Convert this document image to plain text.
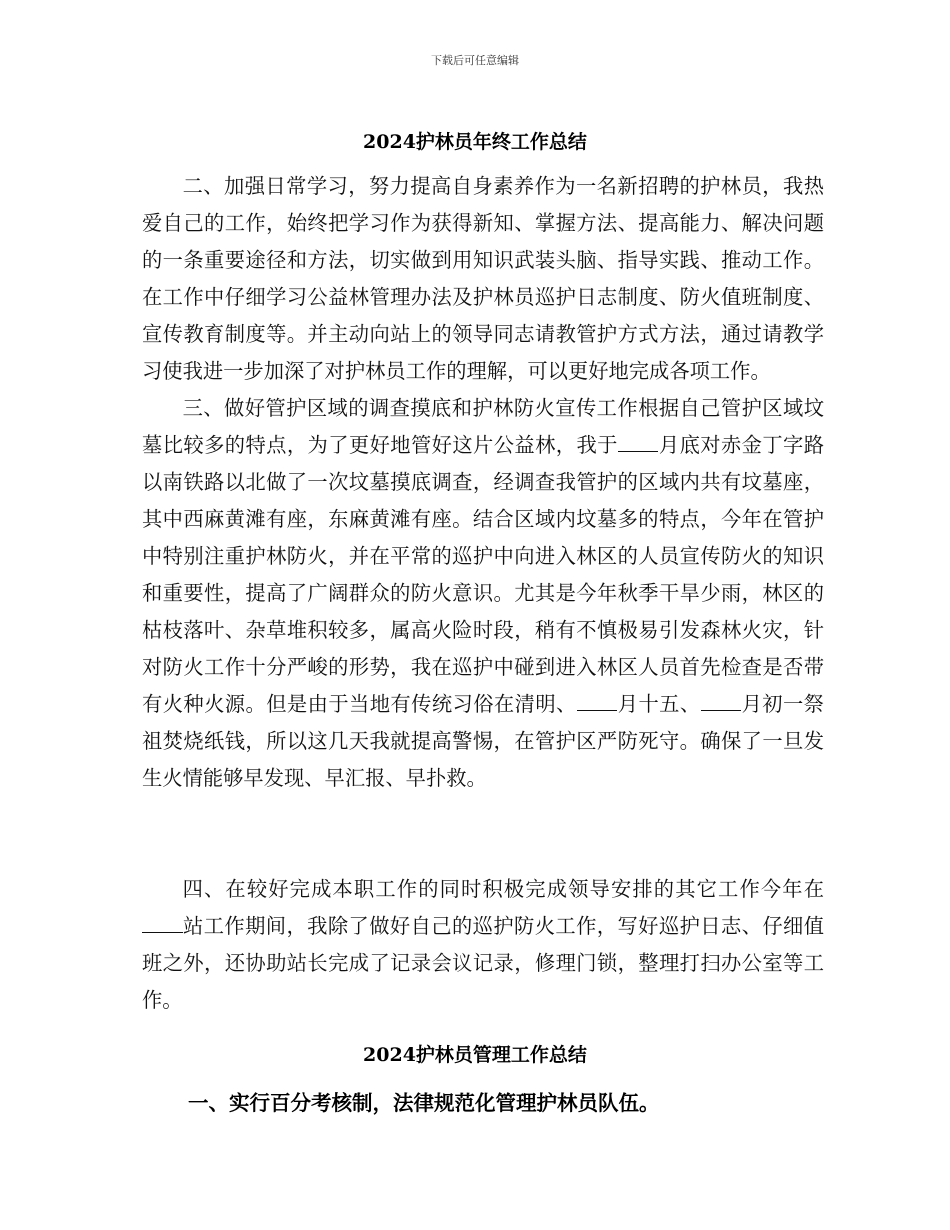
下载后可任意编辑
2024护林员年终工作总结

二、加强日常学习，努力提高自身素养作为一名新招聘的护林员，我热爱自己的工作，始终把学习作为获得新知、掌握方法、提高能力、解决问题的一条重要途径和方法，切实做到用知识武装头脑、指导实践、推动工作。在工作中仔细学习公益林管理办法及护林员巡护日志制度、防火值班制度、宣传教育制度等。并主动向站上的领导同志请教管护方式方法，通过请教学习使我进一步加深了对护林员工作的理解，可以更好地完成各项工作。

三、做好管护区域的调查摸底和护林防火宣传工作根据自己管护区域坟墓比较多的特点，为了更好地管好这片公益林，我于 月底对赤金丁字路以南铁路以北做了一次坟墓摸底调查，经调查我管护的区域内共有坟墓座，其中西麻黄滩有座，东麻黄滩有座。结合区域内坟墓多的特点，今年在管护中特别注重护林防火，并在平常的巡护中向进入林区的人员宣传防火的知识和重要性，提高了广阔群众的防火意识。尤其是今年秋季干旱少雨，林区的枯枝落叶、杂草堆积较多，属高火险时段，稍有不慎极易引发森林火灾，针对防火工作十分严峻的形势，我在巡护中碰到进入林区人员首先检查是否带有火种火源。但是由于当地有传统习俗在清明、 月十五、 月初一祭祖焚烧纸钱，所以这几天我就提高警惕，在管护区严防死守。确保了一旦发生火情能够早发现、早汇报、早扑救。

四、在较好完成本职工作的同时积极完成领导安排的其它工作今年在站工作期间，我除了做好自己的巡护防火工作，写好巡护日志、仔细值班之外，还协助站长完成了记录会议记录，修理门锁，整理打扫办公室等工作。

2024护林员管理工作总结
一、实行百分考核制，法律规范化管理护林员队伍。
